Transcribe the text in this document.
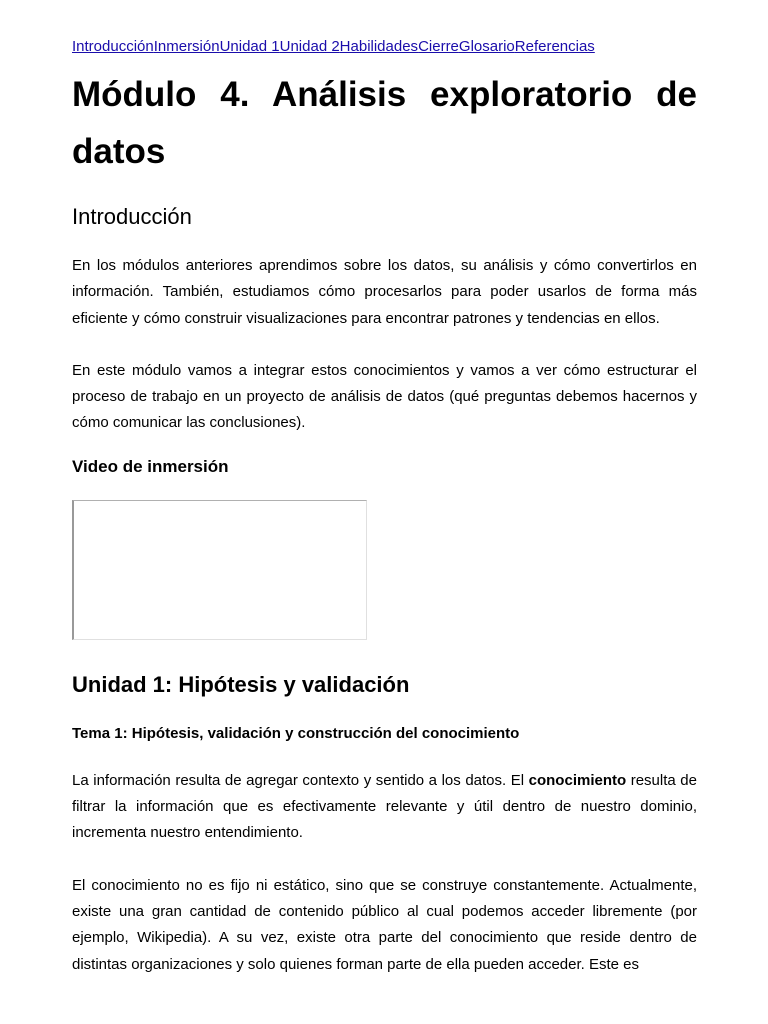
IntroducciónInmersiónUnidad 1Unidad 2HabilidadesCierreGlosarioReferencias
Módulo 4. Análisis exploratorio de datos
Introducción

En los módulos anteriores aprendimos sobre los datos, su análisis y cómo convertirlos en información. También, estudiamos cómo procesarlos para poder usarlos de forma más eficiente y cómo construir visualizaciones para encontrar patrones y tendencias en ellos.

En este módulo vamos a integrar estos conocimientos y vamos a ver cómo estructurar el proceso de trabajo en un proyecto de análisis de datos (qué preguntas debemos hacernos y cómo comunicar las conclusiones).

Video de inmersión
Unidad 1: Hipótesis y validación
Tema 1: Hipótesis, validación y construcción del conocimiento

La información resulta de agregar contexto y sentido a los datos. El conocimiento resulta de filtrar la información que es efectivamente relevante y útil dentro de nuestro dominio, incrementa nuestro entendimiento.

El conocimiento no es fijo ni estático, sino que se construye constantemente. Actualmente, existe una gran cantidad de contenido público al cual podemos acceder libremente (por ejemplo, Wikipedia). A su vez, existe otra parte del conocimiento que reside dentro de distintas organizaciones y solo quienes forman parte de ella pueden acceder. Este es
